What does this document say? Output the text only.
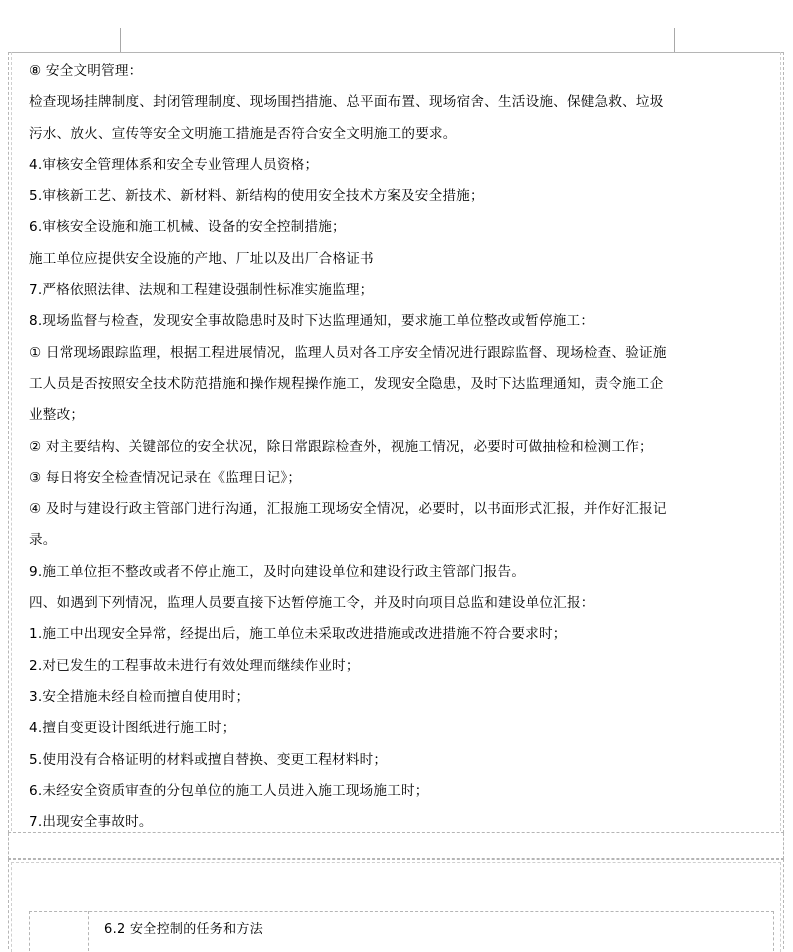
⑧ 安全文明管理：
检查现场挂牌制度、封闭管理制度、现场围挡措施、总平面布置、现场宿舍、生活设施、保健急救、垃圾
污水、放火、宣传等安全文明施工措施是否符合安全文明施工的要求。
4.审核安全管理体系和安全专业管理人员资格；
5.审核新工艺、新技术、新材料、新结构的使用安全技术方案及安全措施；
6.审核安全设施和施工机械、设备的安全控制措施；
施工单位应提供安全设施的产地、厂址以及出厂合格证书
7.严格依照法律、法规和工程建设强制性标准实施监理；
8.现场监督与检查，发现安全事故隐患时及时下达监理通知，要求施工单位整改或暂停施工：
① 日常现场跟踪监理，根据工程进展情况，监理人员对各工序安全情况进行跟踪监督、现场检查、验证施
工人员是否按照安全技术防范措施和操作规程操作施工，发现安全隐患，及时下达监理通知，责令施工企
业整改；
② 对主要结构、关键部位的安全状况，除日常跟踪检查外，视施工情况，必要时可做抽检和检测工作；
③ 每日将安全检查情况记录在《监理日记》；
④ 及时与建设行政主管部门进行沟通，汇报施工现场安全情况，必要时，以书面形式汇报，并作好汇报记
录。
9.施工单位拒不整改或者不停止施工，及时向建设单位和建设行政主管部门报告。
四、如遇到下列情况，监理人员要直接下达暂停施工令，并及时向项目总监和建设单位汇报：
1.施工中出现安全异常，经提出后，施工单位未采取改进措施或改进措施不符合要求时；
2.对已发生的工程事故未进行有效处理而继续作业时；
3.安全措施未经自检而擅自使用时；
4.擅自变更设计图纸进行施工时；
5.使用没有合格证明的材料或擅自替换、变更工程材料时；
6.未经安全资质审查的分包单位的施工人员进入施工现场施工时；
7.出现安全事故时。
6.2 安全控制的任务和方法
